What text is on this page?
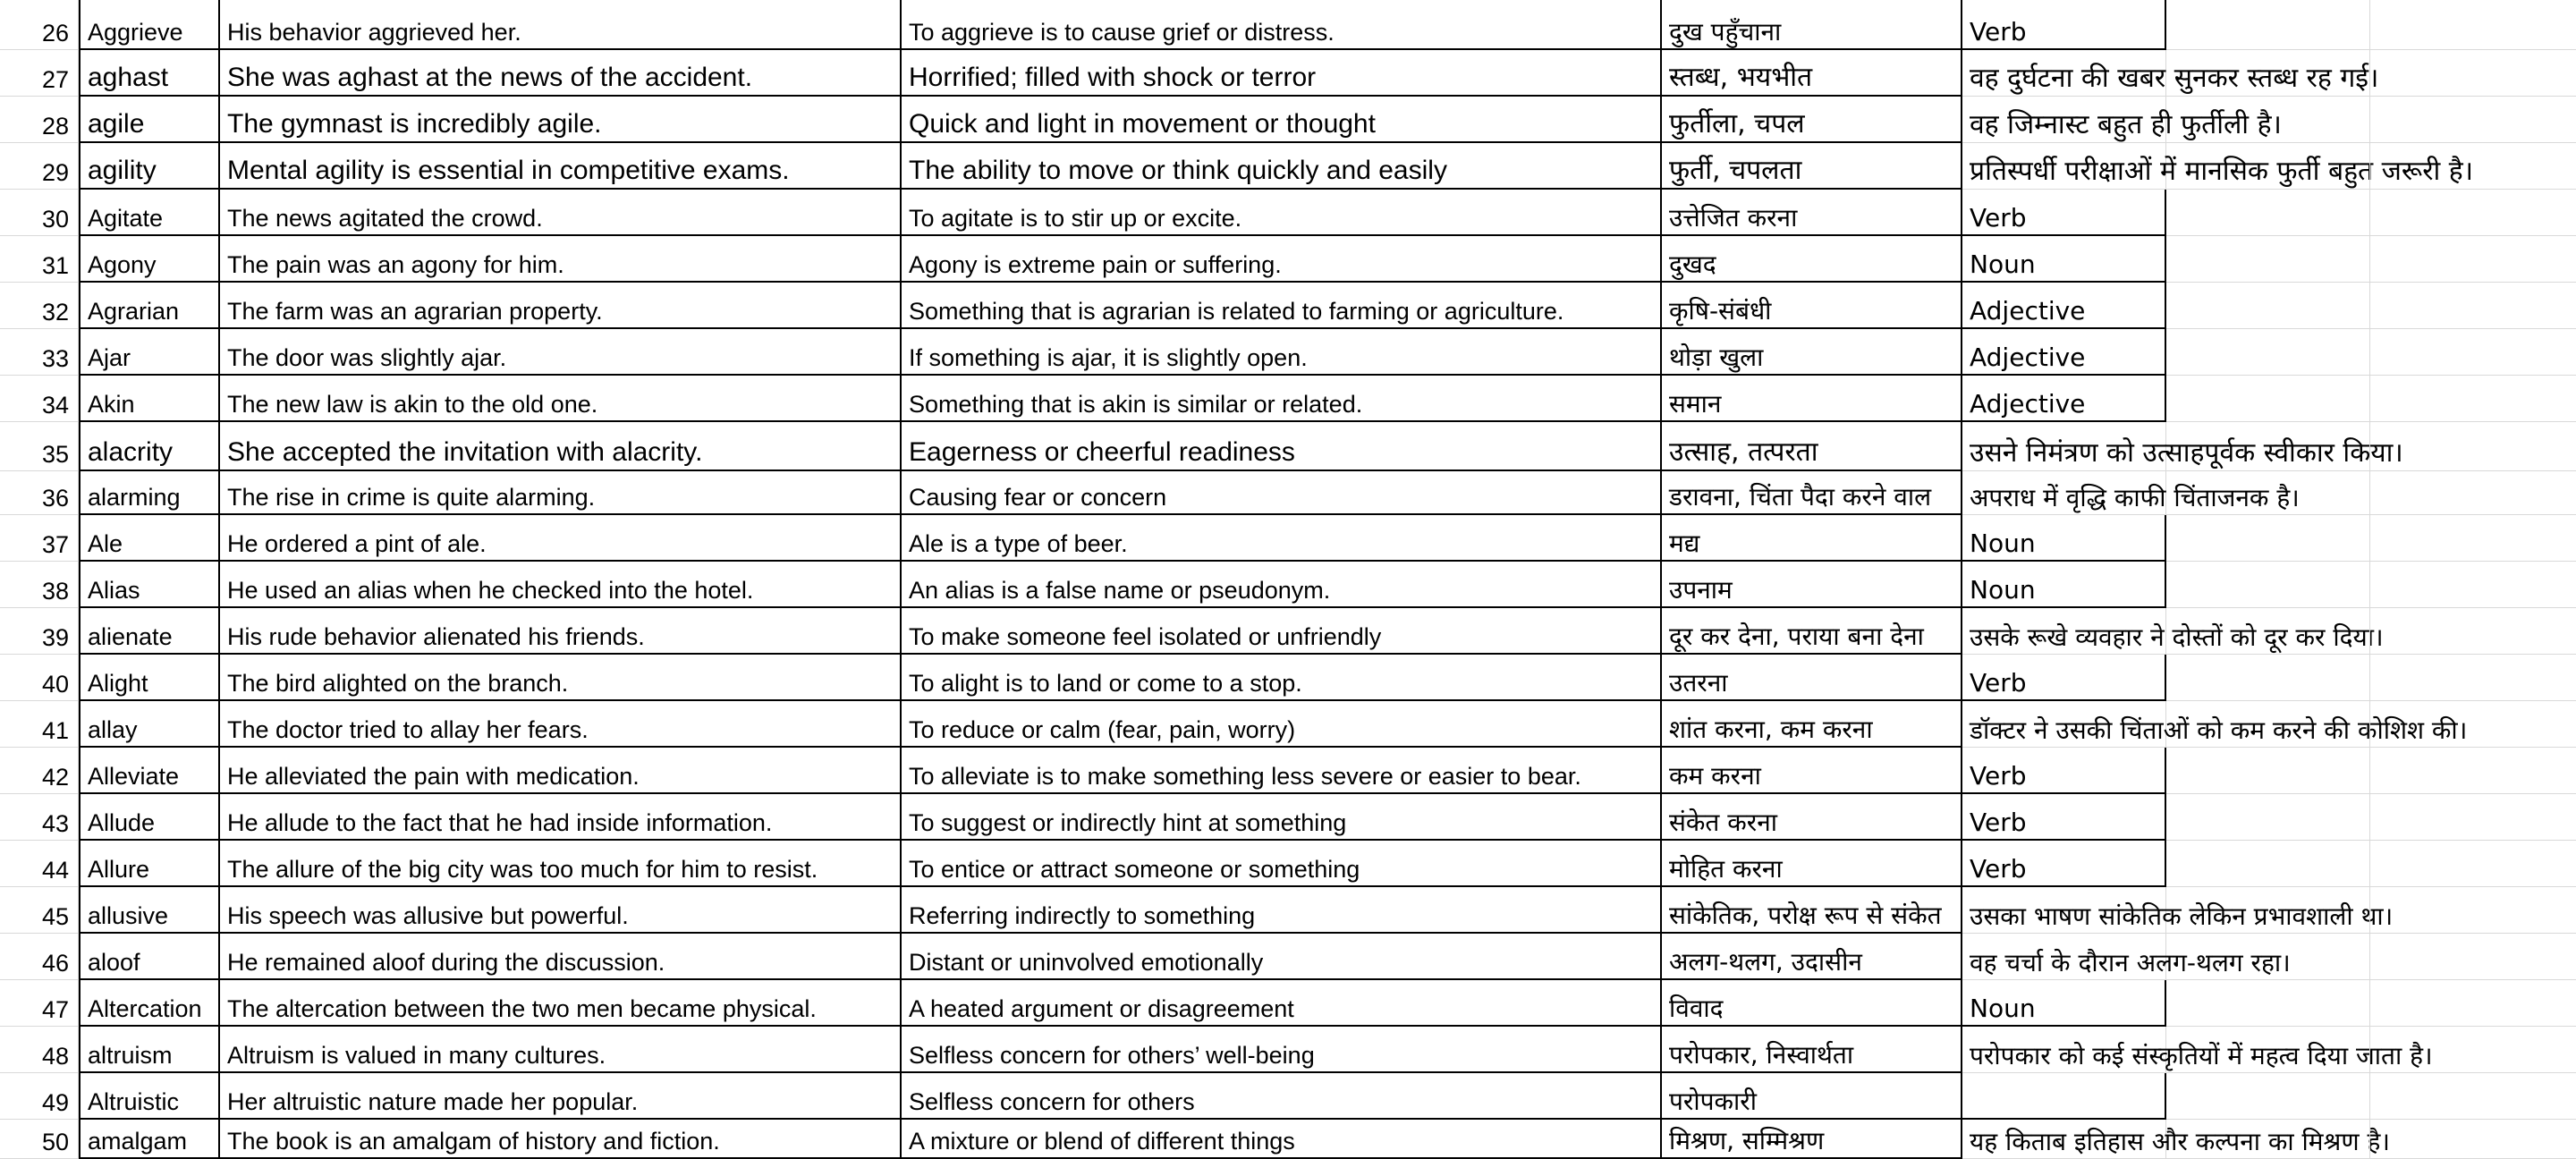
26 Aggrieve	His behavior aggrieved her.	To aggrieve is to cause grief or distress.	दुख पहुँचाना	Verb
27 aghast	She was aghast at the news of the accident.	Horrified; filled with shock or terror	स्तब्ध, भयभीत	वह दुर्घटना की खबर सुनकर स्तब्ध रह गई।
28 agile	The gymnast is incredibly agile.	Quick and light in movement or thought	फुर्तीला, चपल	वह जिम्नास्ट बहुत ही फुर्तीली है।
29 agility	Mental agility is essential in competitive exams.	The ability to move or think quickly and easily	फुर्ती, चपलता	प्रतिस्पर्धी परीक्षाओं में मानसिक फुर्ती बहुत जरूरी है।
30 Agitate	The news agitated the crowd.	To agitate is to stir up or excite.	उत्तेजित करना	Verb
31 Agony	The pain was an agony for him.	Agony is extreme pain or suffering.	दुखद	Noun
32 Agrarian	The farm was an agrarian property.	Something that is agrarian is related to farming or agriculture.	कृषि-संबंधी	Adjective
33 Ajar	The door was slightly ajar.	If something is ajar, it is slightly open.	थोड़ा खुला	Adjective
34 Akin	The new law is akin to the old one.	Something that is akin is similar or related.	समान	Adjective
35 alacrity	She accepted the invitation with alacrity.	Eagerness or cheerful readiness	उत्साह, तत्परता	उसने निमंत्रण को उत्साहपूर्वक स्वीकार किया।
36 alarming	The rise in crime is quite alarming.	Causing fear or concern	डरावना, चिंता पैदा करने वाल	अपराध में वृद्धि काफी चिंताजनक है।
37 Ale	He ordered a pint of ale.	Ale is a type of beer.	मद्य	Noun
38 Alias	He used an alias when he checked into the hotel.	An alias is a false name or pseudonym.	उपनाम	Noun
39 alienate	His rude behavior alienated his friends.	To make someone feel isolated or unfriendly	दूर कर देना, पराया बना देना	उसके रूखे व्यवहार ने दोस्तों को दूर कर दिया।
40 Alight	The bird alighted on the branch.	To alight is to land or come to a stop.	उतरना	Verb
41 allay	The doctor tried to allay her fears.	To reduce or calm (fear, pain, worry)	शांत करना, कम करना	डॉक्टर ने उसकी चिंताओं को कम करने की कोशिश की।
42 Alleviate	He alleviated the pain with medication.	To alleviate is to make something less severe or easier to bear.	कम करना	Verb
43 Allude	He allude to the fact that he had inside information.	To suggest or indirectly hint at something	संकेत करना	Verb
44 Allure	The allure of the big city was too much for him to resist.	To entice or attract someone or something	मोहित करना	Verb
45 allusive	His speech was allusive but powerful.	Referring indirectly to something	सांकेतिक, परोक्ष रूप से संकेत	उसका भाषण सांकेतिक लेकिन प्रभावशाली था।
46 aloof	He remained aloof during the discussion.	Distant or uninvolved emotionally	अलग-थलग, उदासीन	वह चर्चा के दौरान अलग-थलग रहा।
47 Altercation	The altercation between the two men became physical.	A heated argument or disagreement	विवाद	Noun
48 altruism	Altruism is valued in many cultures.	Selfless concern for others’ well-being	परोपकार, निस्वार्थता	परोपकार को कई संस्कृतियों में महत्व दिया जाता है।
49 Altruistic	Her altruistic nature made her popular.	Selfless concern for others	परोपकारी
50 amalgam	The book is an amalgam of history and fiction.	A mixture or blend of different things	मिश्रण, सम्मिश्रण	यह किताब इतिहास और कल्पना का मिश्रण है।
